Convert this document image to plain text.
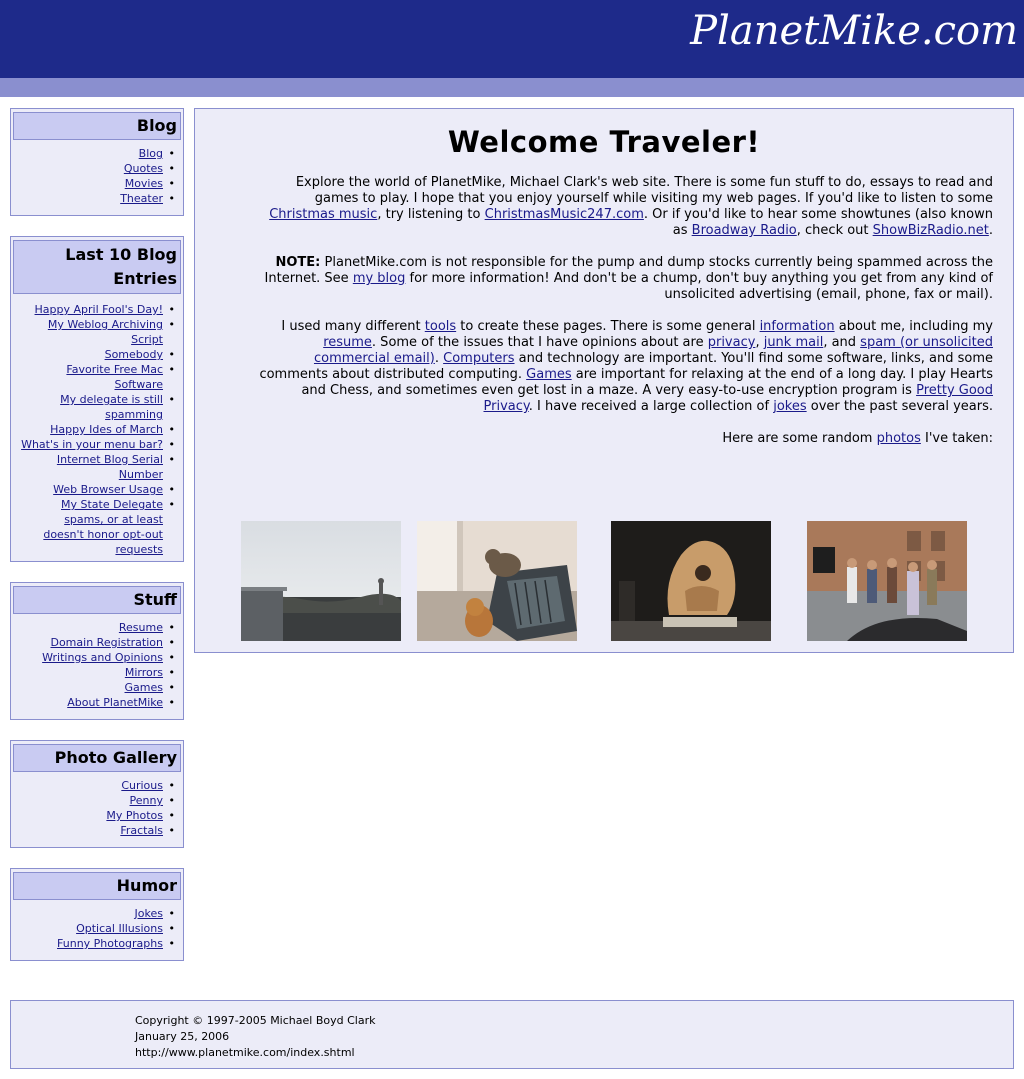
PlanetMike.com
Blog
Blog •
Quotes •
Movies •
Theater •
Last 10 Blog Entries
Happy April Fool's Day! •
My Weblog Archiving Script •
Somebody •
Favorite Free Mac Software •
My delegate is still spamming •
Happy Ides of March •
What's in your menu bar? •
Internet Blog Serial Number •
Web Browser Usage •
My State Delegate spams, or at least doesn't honor opt-out requests •
Stuff
Resume •
Domain Registration •
Writings and Opinions •
Mirrors •
Games •
About PlanetMike •
Photo Gallery
Curious •
Penny •
My Photos •
Fractals •
Humor
Jokes •
Optical Illusions •
Funny Photographs •
Welcome Traveler!

Explore the world of PlanetMike, Michael Clark's web site. There is some fun stuff to do, essays to read and games to play. I hope that you enjoy yourself while visiting my web pages. If you'd like to listen to some Christmas music, try listening to ChristmasMusic247.com. Or if you'd like to hear some showtunes (also known as Broadway Radio, check out ShowBizRadio.net.

NOTE: PlanetMike.com is not responsible for the pump and dump stocks currently being spammed across the Internet. See my blog for more information! And don't be a chump, don't buy anything you get from any kind of unsolicited advertising (email, phone, fax or mail).

I used many different tools to create these pages. There is some general information about me, including my resume. Some of the issues that I have opinions about are privacy, junk mail, and spam (or unsolicited commercial email). Computers and technology are important. You'll find some software, links, and some comments about distributed computing. Games are important for relaxing at the end of a long day. I play Hearts and Chess, and sometimes even get lost in a maze. A very easy-to-use encryption program is Pretty Good Privacy. I have received a large collection of jokes over the past several years.

Here are some random photos I've taken:

Copyright © 1997-2005 Michael Boyd Clark
January 25, 2006
http://www.planetmike.com/index.shtml
